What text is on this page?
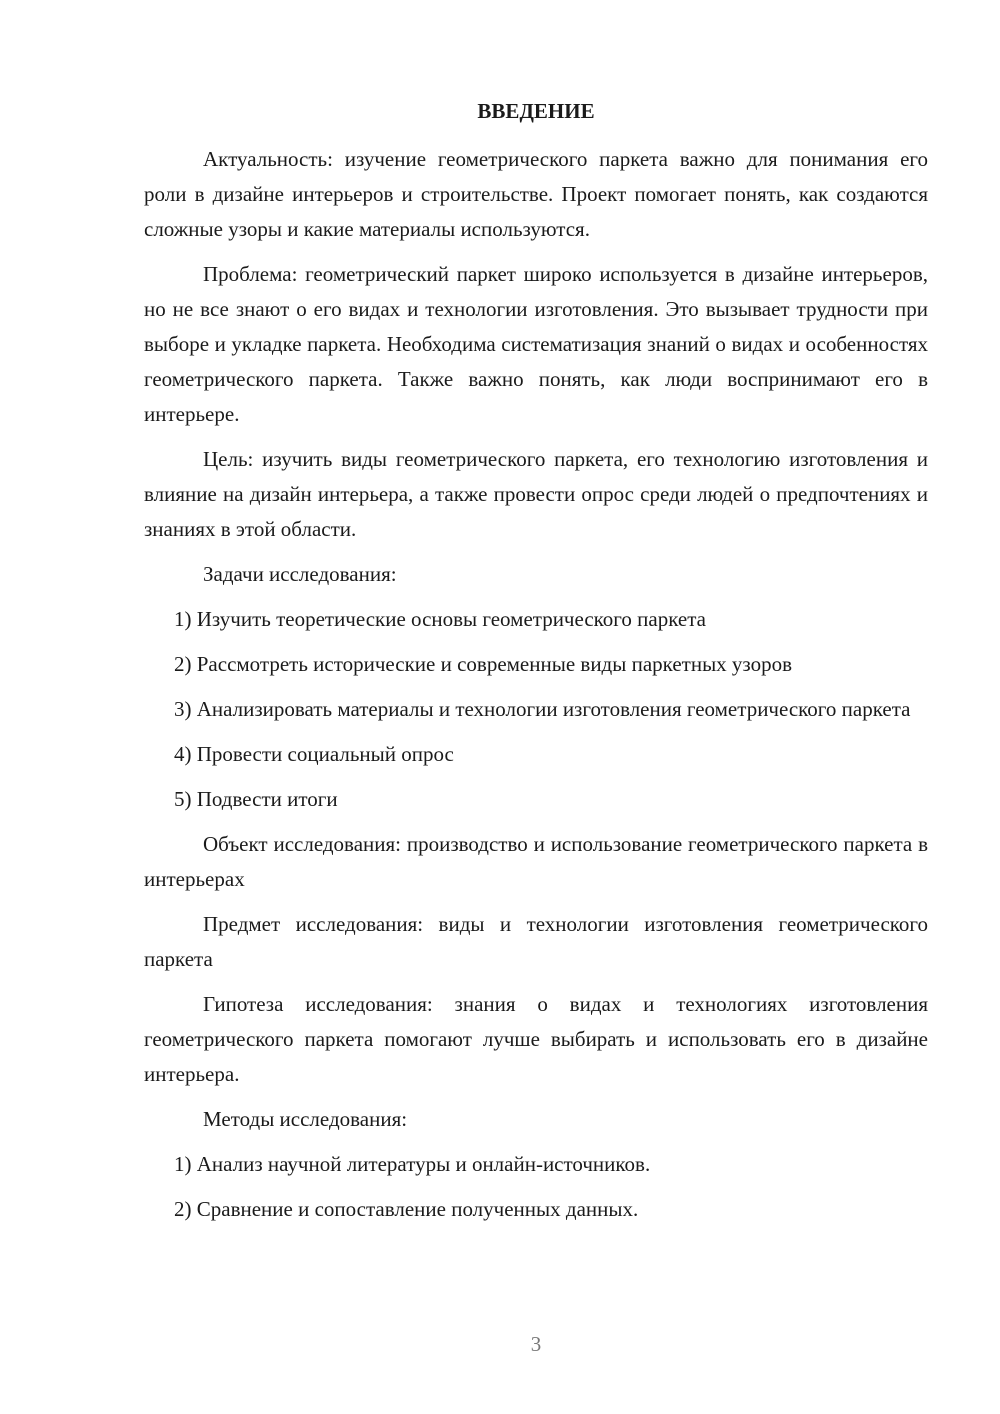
ВВЕДЕНИЕ

Актуальность: изучение геометрического паркета важно для понимания его роли в дизайне интерьеров и строительстве. Проект помогает понять, как создаются сложные узоры и какие материалы используются.

Проблема: геометрический паркет широко используется в дизайне интерьеров, но не все знают о его видах и технологии изготовления. Это вызывает трудности при выборе и укладке паркета. Необходима систематизация знаний о видах и особенностях геометрического паркета. Также важно понять, как люди воспринимают его в интерьере.

Цель: изучить виды геометрического паркета, его технологию изготовления и влияние на дизайн интерьера, а также провести опрос среди людей о предпочтениях и знаниях в этой области.

Задачи исследования:

1) Изучить теоретические основы геометрического паркета

2) Рассмотреть исторические и современные виды паркетных узоров

3) Анализировать материалы и технологии изготовления геометрического паркета

4) Провести социальный опрос

5) Подвести итоги

Объект исследования: производство и использование геометрического паркета в интерьерах

Предмет исследования: виды и технологии изготовления геометрического паркета

Гипотеза исследования: знания о видах и технологиях изготовления геометрического паркета помогают лучше выбирать и использовать его в дизайне интерьера.

Методы исследования:

1) Анализ научной литературы и онлайн-источников.

2) Сравнение и сопоставление полученных данных.

3
